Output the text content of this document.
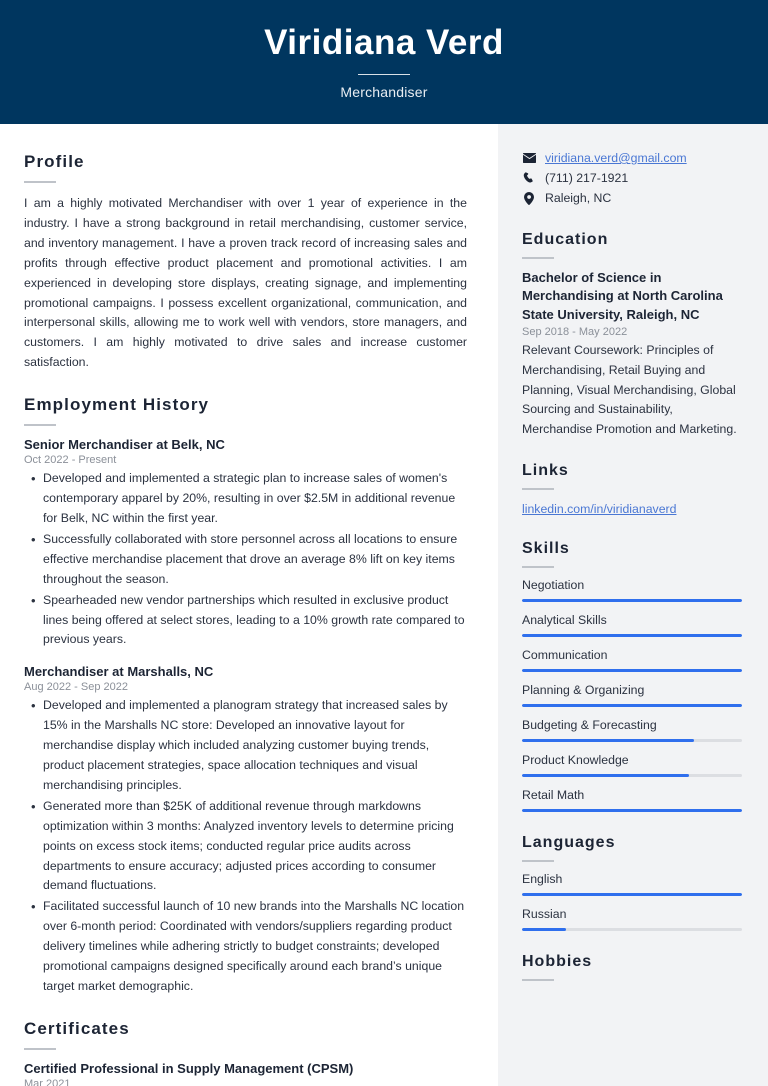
Viridiana Verd
Merchandiser
Profile
I am a highly motivated Merchandiser with over 1 year of experience in the industry. I have a strong background in retail merchandising, customer service, and inventory management. I have a proven track record of increasing sales and profits through effective product placement and promotional activities. I am experienced in developing store displays, creating signage, and implementing promotional campaigns. I possess excellent organizational, communication, and interpersonal skills, allowing me to work well with vendors, store managers, and customers. I am highly motivated to drive sales and increase customer satisfaction.
Employment History
Senior Merchandiser at Belk, NC
Oct 2022 - Present
• Developed and implemented a strategic plan to increase sales of women's contemporary apparel by 20%, resulting in over $2.5M in additional revenue for Belk, NC within the first year.
• Successfully collaborated with store personnel across all locations to ensure effective merchandise placement that drove an average 8% lift on key items throughout the season.
• Spearheaded new vendor partnerships which resulted in exclusive product lines being offered at select stores, leading to a 10% growth rate compared to previous years.
Merchandiser at Marshalls, NC
Aug 2022 - Sep 2022
• Developed and implemented a planogram strategy that increased sales by 15% in the Marshalls NC store: Developed an innovative layout for merchandise display which included analyzing customer buying trends, product placement strategies, space allocation techniques and visual merchandising principles.
• Generated more than $25K of additional revenue through markdowns optimization within 3 months: Analyzed inventory levels to determine pricing points on excess stock items; conducted regular price audits across departments to ensure accuracy; adjusted prices according to consumer demand fluctuations.
• Facilitated successful launch of 10 new brands into the Marshalls NC location over 6-month period: Coordinated with vendors/suppliers regarding product delivery timelines while adhering strictly to budget constraints; developed promotional campaigns designed specifically around each brand’s unique target market demographic.
Certificates
Certified Professional in Supply Management (CPSM)
Mar 2021
viridiana.verd@gmail.com
(711) 217-1921
Raleigh, NC
Education
Bachelor of Science in Merchandising at North Carolina State University, Raleigh, NC
Sep 2018 - May 2022
Relevant Coursework: Principles of Merchandising, Retail Buying and Planning, Visual Merchandising, Global Sourcing and Sustainability, Merchandise Promotion and Marketing.
Links
linkedin.com/in/viridianaverd
Skills
Negotiation
Analytical Skills
Communication
Planning & Organizing
Budgeting & Forecasting
Product Knowledge
Retail Math
Languages
English
Russian
Hobbies
